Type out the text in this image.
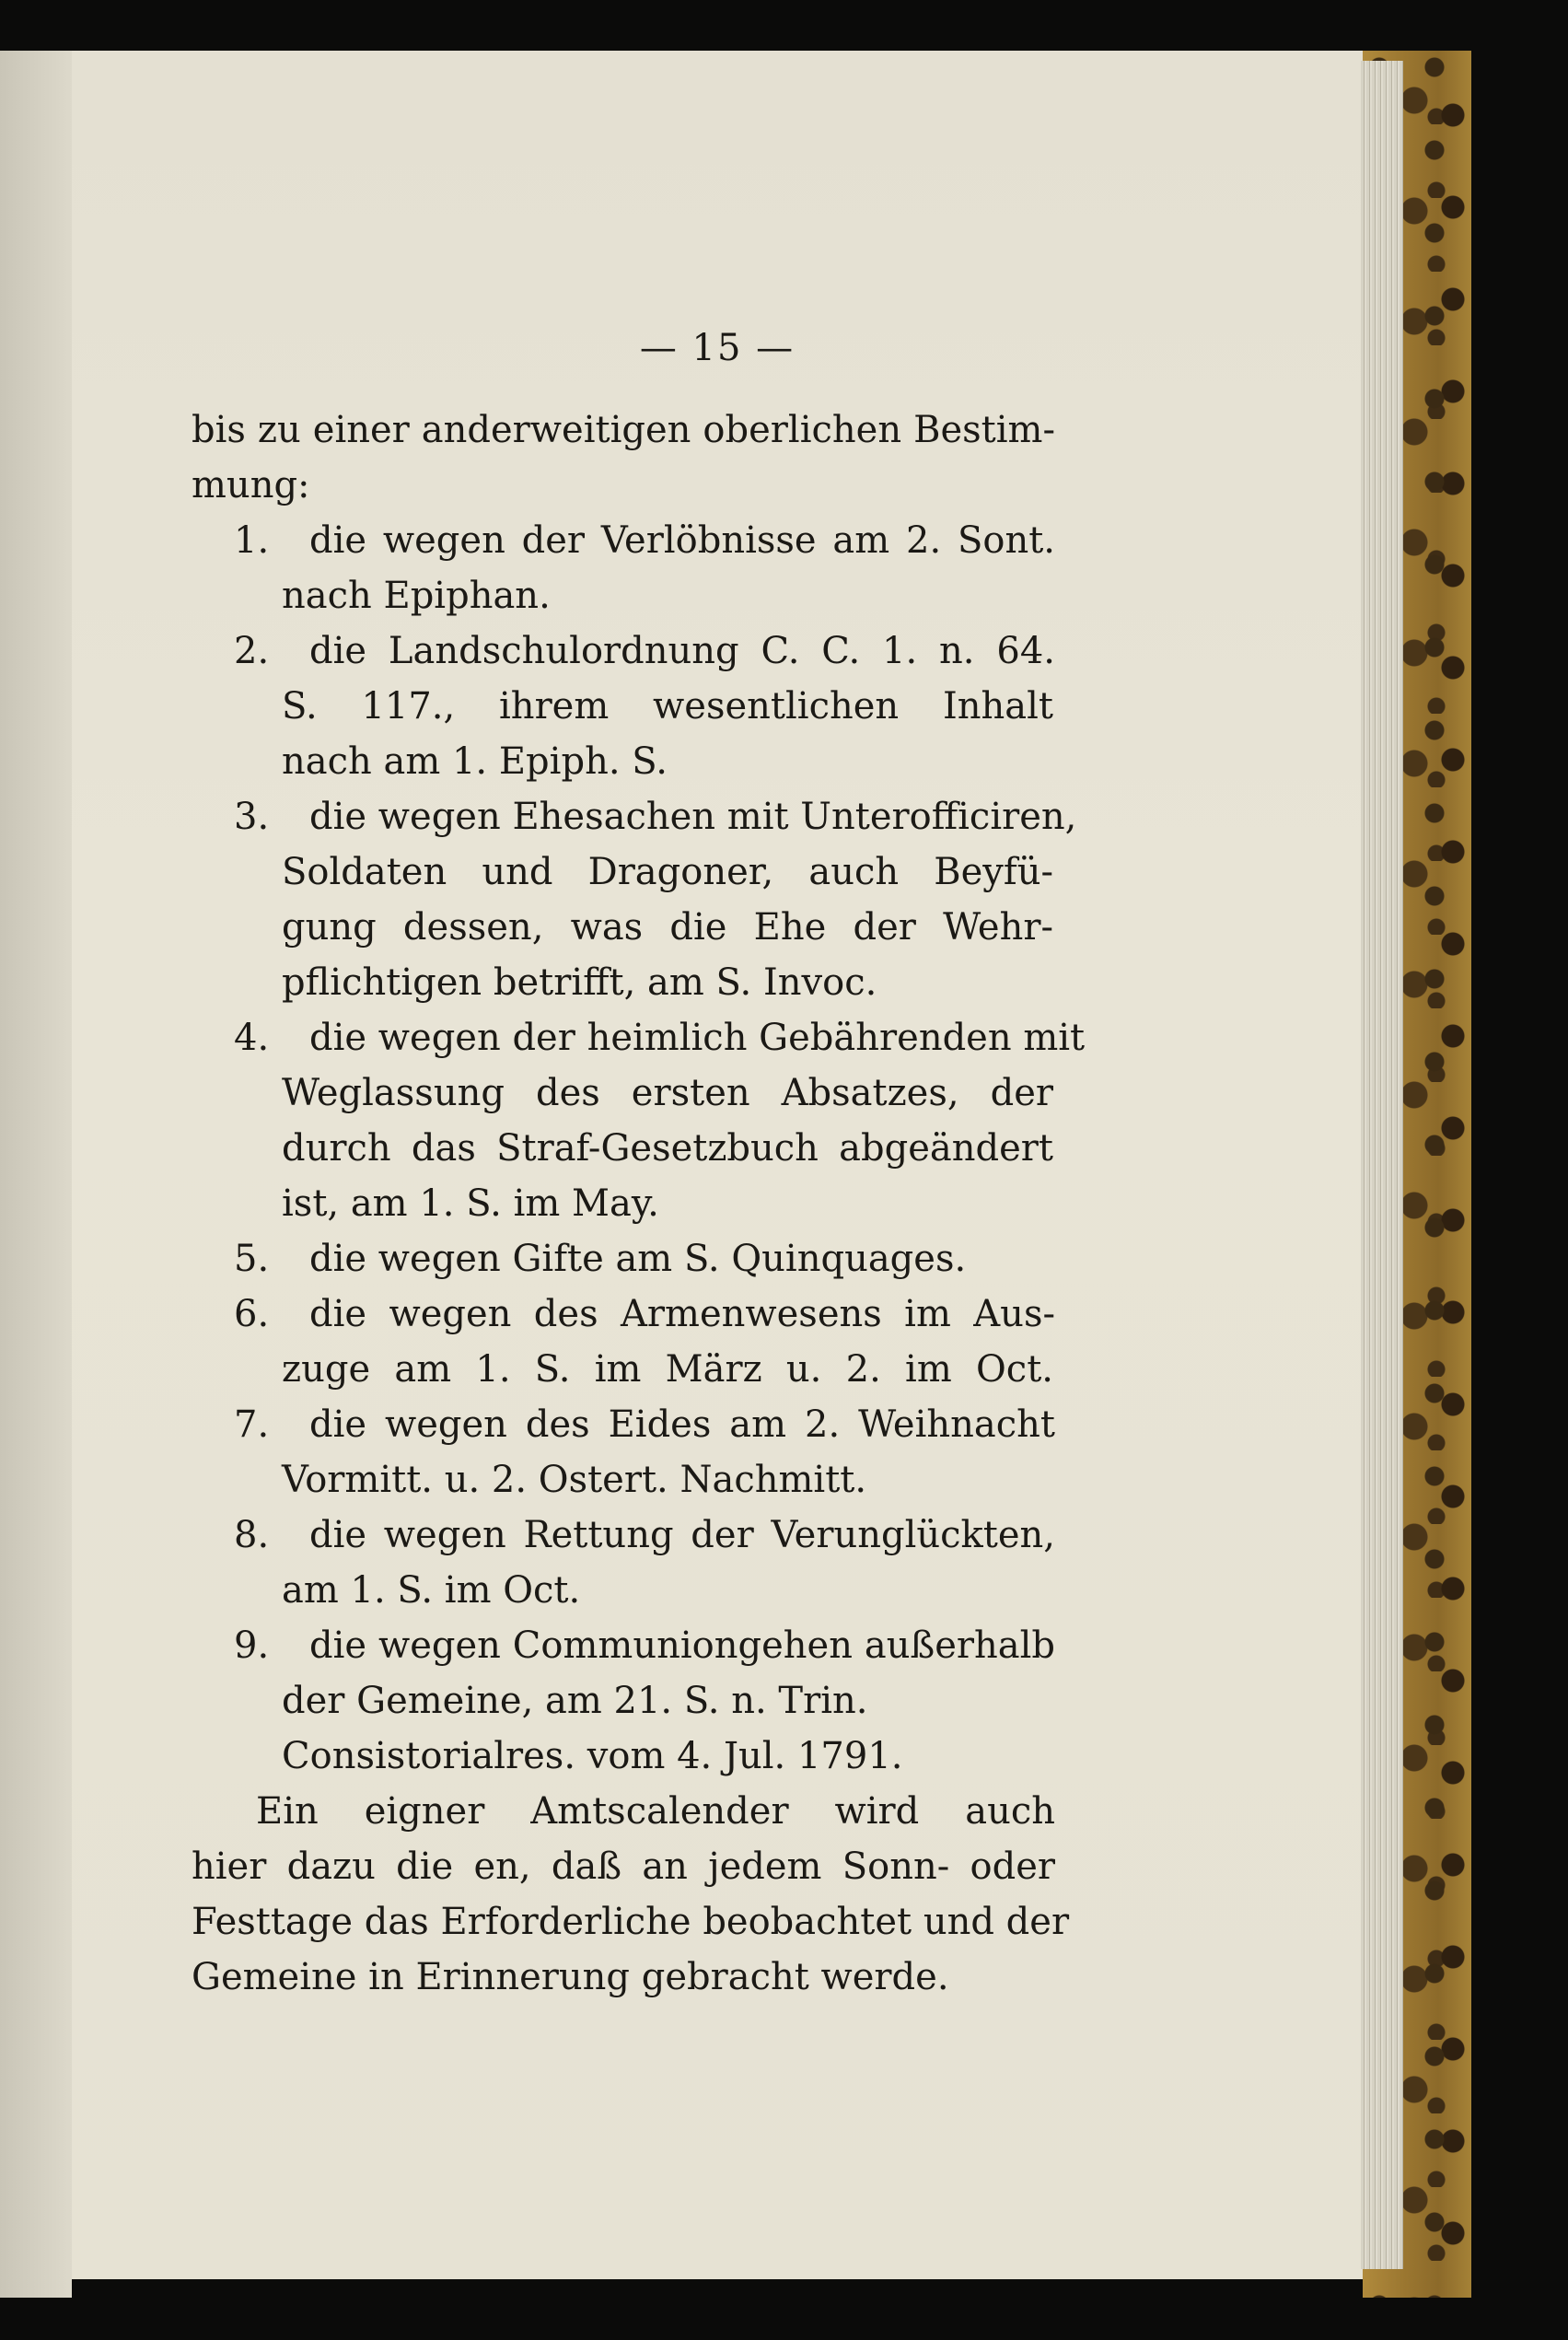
— 15 —
bis zu einer anderweitigen oberlichen Bestim-
mung:
1. die wegen der Verlöbnisse am 2. Sont.
nach Epiphan.
2. die Landschulordnung C. C. 1. n. 64.
S. 117., ihrem wesentlichen Inhalt
nach am 1. Epiph. S.
3. die wegen Ehesachen mit Unterofficiren,
Soldaten und Dragoner, auch Beyfü-
gung dessen, was die Ehe der Wehr-
pflichtigen betrifft, am S. Invoc.
4. die wegen der heimlich Gebährenden mit
Weglassung des ersten Absatzes, der
durch das Straf-Gesetzbuch abgeändert
ist, am 1. S. im May.
5. die wegen Gifte am S. Quinquages.
6. die wegen des Armenwesens im Aus-
zuge am 1. S. im März u. 2. im Oct.
7. die wegen des Eides am 2. Weihnacht
Vormitt. u. 2. Ostert. Nachmitt.
8. die wegen Rettung der Verunglückten,
am 1. S. im Oct.
9. die wegen Communiongehen außerhalb
der Gemeine, am 21. S. n. Trin.
Consistorialres. vom 4. Jul. 1791.
Ein eigner Amtscalender wird auch
hier dazu die en, daß an jedem Sonn- oder
Festtage das Erforderliche beobachtet und der
Gemeine in Erinnerung gebracht werde.
